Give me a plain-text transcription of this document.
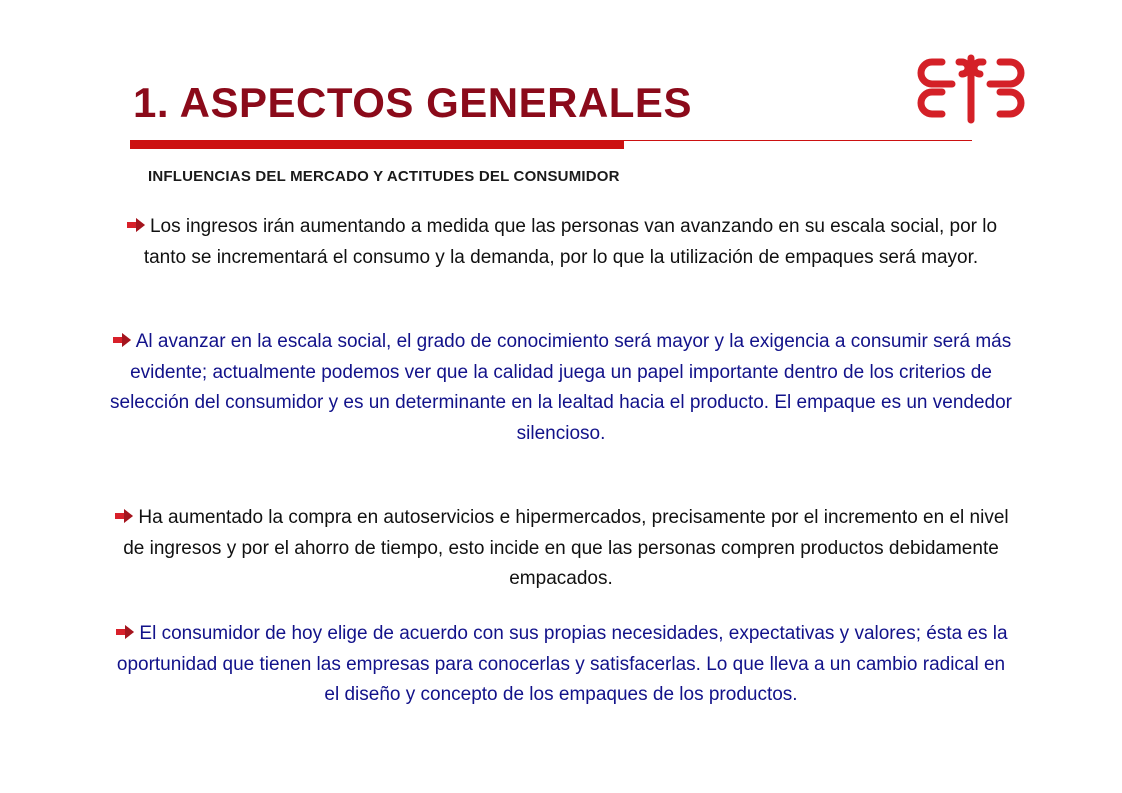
1. ASPECTOS GENERALES

INFLUENCIAS DEL MERCADO Y ACTITUDES DEL CONSUMIDOR

Los ingresos irán aumentando a medida que las personas van avanzando en su escala social, por lo tanto se incrementará el consumo y la demanda, por lo que la utilización de empaques será mayor.

Al avanzar en la escala social, el grado de conocimiento será mayor y la exigencia a consumir será más evidente; actualmente podemos ver que la calidad juega un papel importante dentro de los criterios de selección del consumidor y es un determinante en la lealtad hacia el producto. El empaque es un vendedor silencioso.

Ha aumentado la compra en autoservicios e hipermercados, precisamente por el incremento en el nivel de ingresos y por el ahorro de tiempo, esto incide en que las personas compren productos debidamente empacados.

El consumidor de hoy elige de acuerdo con sus propias necesidades, expectativas y valores; ésta es la oportunidad que tienen las empresas para conocerlas y satisfacerlas. Lo que lleva a un cambio radical en el diseño y concepto de los empaques de los productos.
